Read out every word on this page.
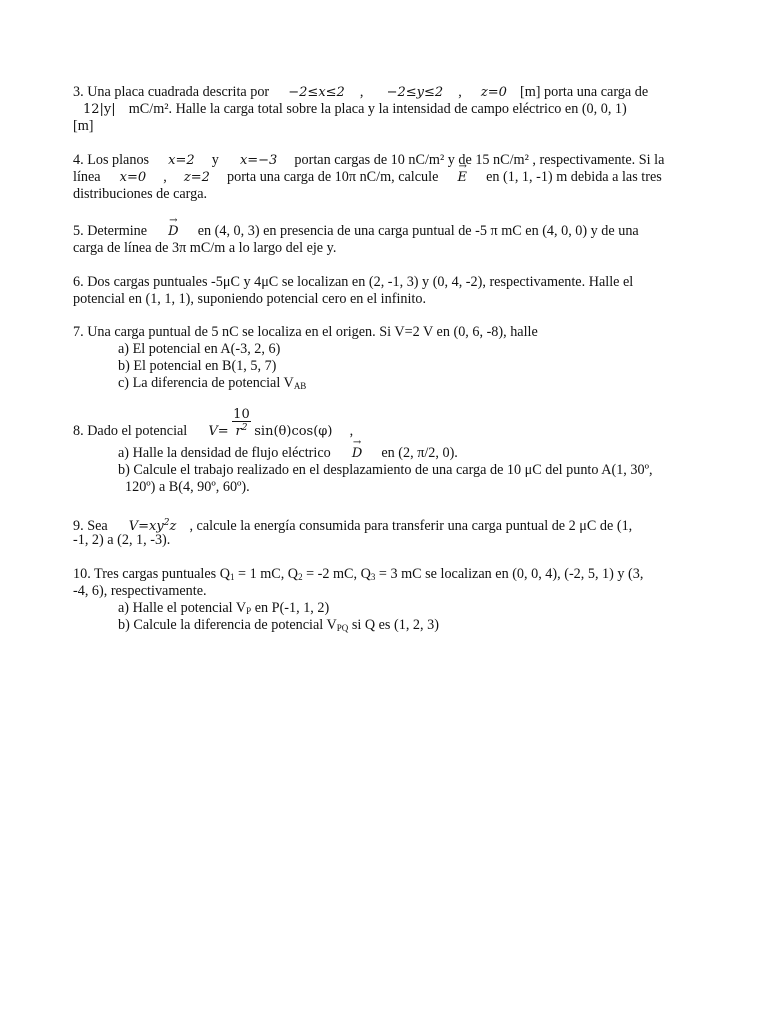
3. Una placa cuadrada descrita por −2≤x≤2 , −2≤y≤2 , z=0 [m] porta una carga de
12|y| mC/m². Halle la carga total sobre la placa y la intensidad de campo eléctrico en (0, 0, 1)
[m]
4. Los planos x=2 y x=−3 portan cargas de 10 nC/m² y de 15 nC/m² , respectivamente. Si la
línea x=0 , z=2 porta una carga de 10π nC/m, calcule → E en (1, 1, -1) m debida a las tres
distribuciones de carga.
5. Determine → D en (4, 0, 3) en presencia de una carga puntual de -5 π mC en (4, 0, 0) y de una
carga de línea de 3π mC/m a lo largo del eje y.
6. Dos cargas puntuales -5μC y 4μC se localizan en (2, -1, 3) y (0, 4, -2), respectivamente. Halle el
potencial en (1, 1, 1), suponiendo potencial cero en el infinito.
7. Una carga puntual de 5 nC se localiza en el origen. Si V=2 V en (0, 6, -8), halle
a) El potencial en A(-3, 2, 6)
b) El potencial en B(1, 5, 7)
c) La diferencia de potencial $V_{AB}$
8. Dado el potencial $V= \frac{10}{r^2} \sin(\theta)\cos(\varphi)$ ,
a) Halle la densidad de flujo eléctrico → D en (2, π/2, 0).
b) Calcule el trabajo realizado en el desplazamiento de una carga de 10 μC del punto A(1, 30º,
120º) a B(4, 90º, 60º).
9. Sea $V=xy^2z$ , calcule la energía consumida para transferir una carga puntual de 2 μC de (1,
-1, 2) a (2, 1, -3).
10. Tres cargas puntuales $Q_1 = 1$ mC, $Q_2 = -2$ mC, $Q_3 = 3$ mC se localizan en (0, 0, 4), (-2, 5, 1) y (3,
-4, 6), respectivamente.
a) Halle el potencial $V_P$ en P(-1, 1, 2)
b) Calcule la diferencia de potencial $V_{PQ}$ si Q es (1, 2, 3)
